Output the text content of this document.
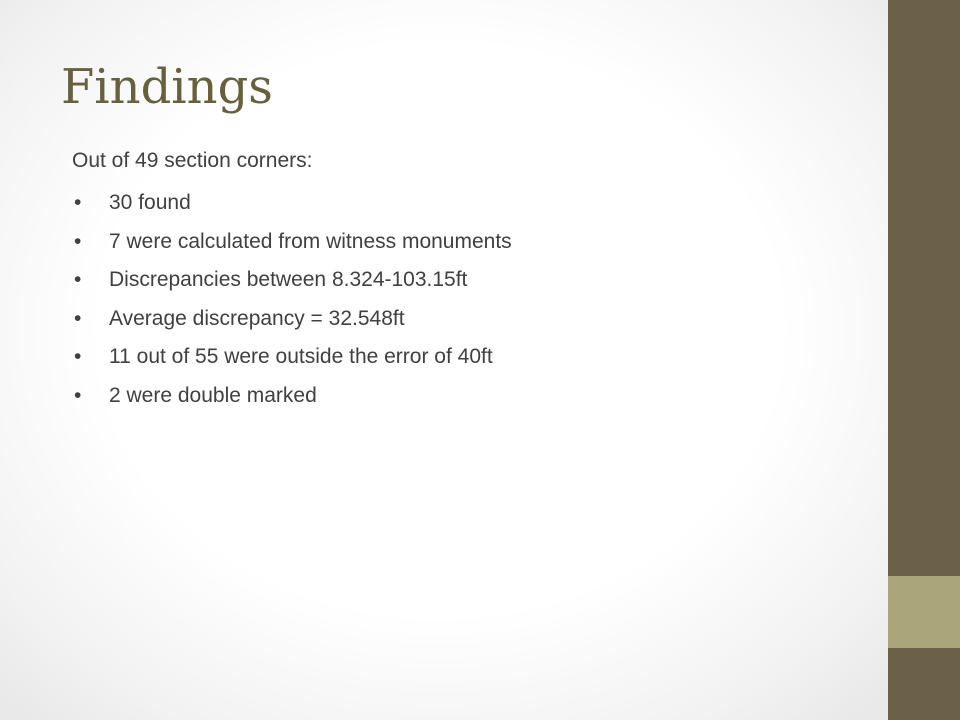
Findings

Out of 49 section corners:

• 30 found
• 7 were calculated from witness monuments
• Discrepancies between 8.324-103.15ft
• Average discrepancy = 32.548ft
• 11 out of 55 were outside the error of 40ft
• 2 were double marked
